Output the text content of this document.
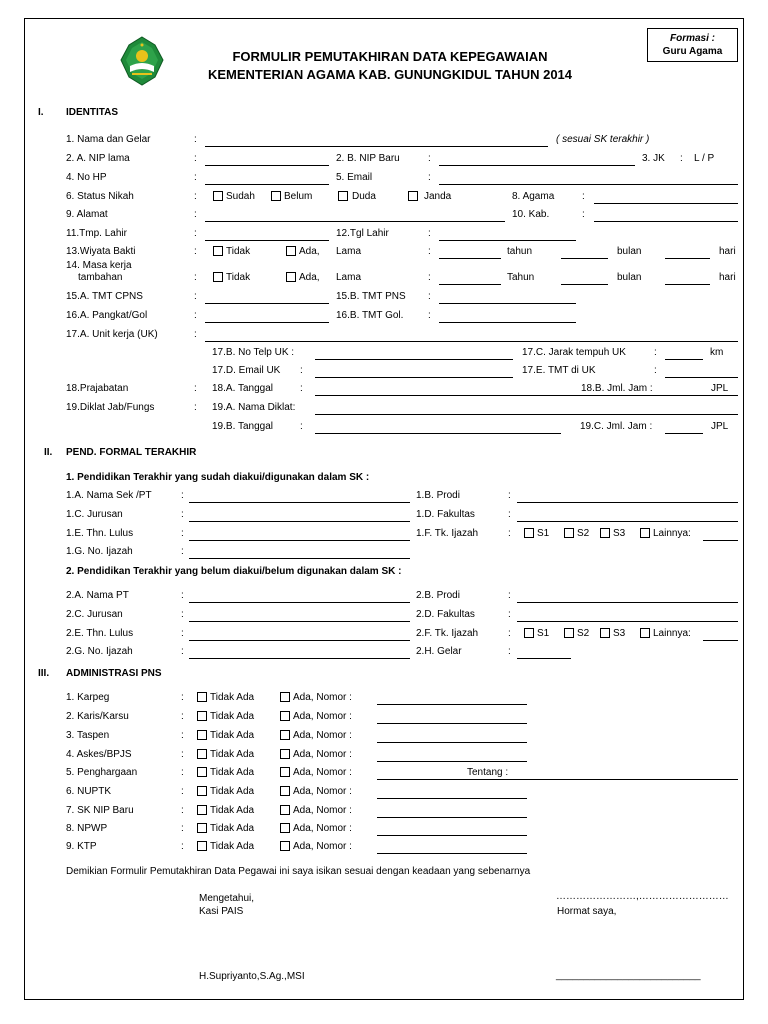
Formasi :
Guru Agama
FORMULIR PEMUTAKHIRAN DATA KEPEGAWAIAN
KEMENTERIAN AGAMA KAB. GUNUNGKIDUL TAHUN 2014
I. IDENTITAS
1. Nama dan Gelar	:	( sesuai SK terakhir )
2. A. NIP lama	:	2. B. NIP Baru	:	3. JK : L / P
4. No HP	:	5. Email	:
6. Status Nikah	:	Sudah	Belum	Duda	Janda	8. Agama	:
9. Alamat	:	10. Kab.	:
11.Tmp. Lahir	:	12.Tgl Lahir	:
13.Wiyata Bakti	:	Tidak	Ada, Lama	:	tahun	bulan	hari
14. Masa kerja
tambahan	:	Tidak	Ada, Lama	:	Tahun	bulan	hari
15.A. TMT CPNS	:	15.B. TMT PNS :
16.A. Pangkat/Gol	:	16.B. TMT Gol. :
17.A. Unit kerja (UK)	:
17.B. No Telp UK :	17.C. Jarak tempuh UK	:	km
17.D. Email UK :	17.E. TMT di UK	:
18.Prajabatan	: 18.A. Tanggal	:	18.B. Jml. Jam :	JPL
19.Diklat Jab/Fungs	: 19.A. Nama Diklat:
19.B. Tanggal	:	19.C. Jml. Jam :	JPL
II. PEND. FORMAL TERAKHIR
1. Pendidikan Terakhir yang sudah diakui/digunakan dalam SK :
1.A. Nama Sek /PT	:	1.B. Prodi	:
1.C. Jurusan	:	1.D. Fakultas	:
1.E. Thn. Lulus	:	1.F. Tk. Ijazah	:	S1	S2 S3	Lainnya:
1.G. No. Ijazah	:
2. Pendidikan Terakhir yang belum diakui/belum digunakan dalam SK :
2.A. Nama PT	:	2.B. Prodi	:
2.C. Jurusan	:	2.D. Fakultas	:
2.E. Thn. Lulus	:	2.F. Tk. Ijazah	:	S1	S2 S3	Lainnya:
2.G. No. Ijazah	:	2.H. Gelar	:
III. ADMINISTRASI PNS
1. Karpeg	:	Tidak Ada	Ada, Nomor :
2. Karis/Karsu	:	Tidak Ada	Ada, Nomor :
3. Taspen	:	Tidak Ada	Ada, Nomor :
4. Askes/BPJS	:	Tidak Ada	Ada, Nomor :
5. Penghargaan	:	Tidak Ada	Ada, Nomor :	Tentang :
6. NUPTK	:	Tidak Ada	Ada, Nomor :
7. SK NIP Baru	:	Tidak Ada	Ada, Nomor :
8. NPWP	:	Tidak Ada	Ada, Nomor :
9. KTP	:	Tidak Ada	Ada, Nomor :
Demikian Formulir Pemutakhiran Data Pegawai ini saya isikan sesuai dengan keadaan yang sebenarnya
……………………,………………………
Mengetahui,
Kasi PAIS	Hormat saya,
H.Supriyanto,S.Ag.,MSI	__________________________
